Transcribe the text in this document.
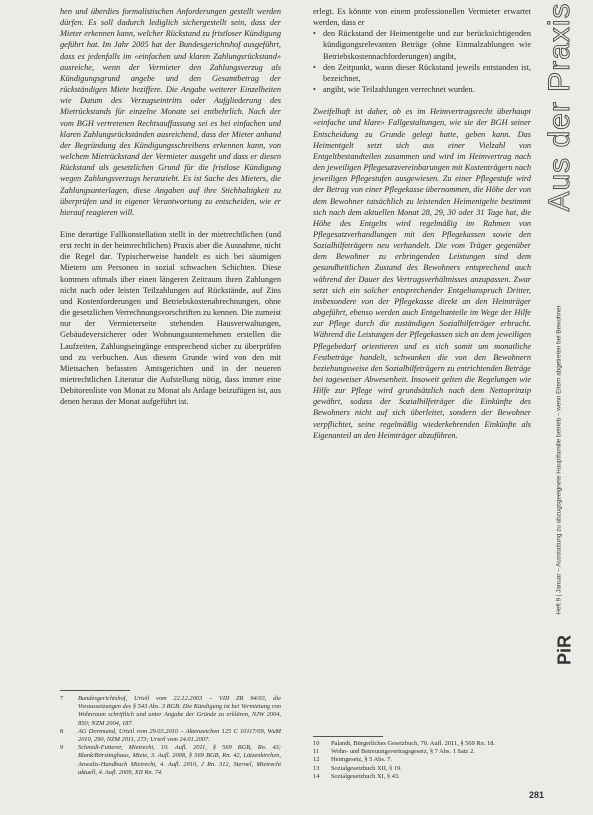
hen und überdies formalistischen Anforderungen gestellt werden dürfen. Es soll dadurch lediglich sichergestellt sein, dass der Mieter erkennen kann, welcher Rückstand zu fristloser Kündigung geführt hat. Im Jahr 2005 hat der Bundesgerichtshof ausgeführt, dass es jedenfalls im «einfachen und klaren Zahlungsrückstand» ausreiche, wenn der Vermieter den Zahlungsverzug als Kündigungsgrund angebe und den Gesamtbetrag der rückständigen Miete beziffere. Die Angabe weiterer Einzelheiten wie Datum des Verzugseintritts oder Aufgliederung des Mietrückstands für einzelne Monate sei entbehrlich. Nach der vom BGH vertretenen Rechtsauffassung sei es bei einfachen und klaren Zahlungsrückständen ausreichend, dass der Mieter anhand der Begründung des Kündigungsschreibens erkennen kann, von welchem Mietrückstand der Vermieter ausgeht und dass er diesen Rückstand als gesetzlichen Grund für die fristlose Kündigung wegen Zahlungsverzugs heranzieht. Es ist Sache des Mieters, die Zahlungsunterlagen, diese Angaben auf ihre Stichhaltigkeit zu überprüfen und in eigener Verantwortung zu entscheiden, wie er hierauf reagieren will.

Eine derartige Fallkonstellation stellt in der mietrechtlichen (und erst recht in der heimrechtlichen) Praxis aber die Ausnahme, nicht die Regel dar. Typischerweise handelt es sich bei säumigen Mietern um Personen in sozial schwachen Schichten. Diese kommen oftmals über einen längeren Zeitraum ihren Zahlungen nicht nach oder leisten Teilzahlungen auf Rückstände, auf Zins und Kostenforderungen und Betriebskostenabrechnungen, ohne die gesetzlichen Verrechnungsvorschriften zu kennen. Die zumeist nur der Vermieterseite stehenden Hausverwaltungen, Gebäudeversicherer oder Wohnungsunternehmen erstellen die Laufzeiten, Zahlungseingänge entsprechend sicher zu überprüfen und zu verbuchen. Aus diesem Grunde wird von den mit Mietsachen befassten Amtsgerichten und in der neueren mietrechtlichen Literatur die Aufstellung nötig, dass immer eine Debitorenliste von Monat zu Monat als Anlage beizufügen ist, aus denen heraus der Monat aufgeführt ist.

erlegt. Es könnte von einem professionellen Vermieter erwartet werden, dass er

• den Rückstand der Heimentgelte und zur berücksichtigenden kündigungsrelevanten Beträge (ohne Einmalzahlungen wie Betriebskostennachforderungen) angibt,
• den Zeitpunkt, wann dieser Rückstand jeweils entstanden ist, bezeichnet,
• angibt, wie Teilzahlungen verrechnet wurden.

Zweifelhaft ist daher, ob es im Heimvertragsrecht überhaupt «einfache und klare» Fallgestaltungen, wie sie der BGH seiner Entscheidung zu Grunde gelegt hatte, geben kann. Das Heimentgelt setzt sich aus einer Vielzahl von Entgeltbestandteilen zusammen und wird im Heimvertrag nach den jeweiligen Pflegesatzvereinbarungen mit Kostenträgern nach jeweiligen Pflegestufen ausgewiesen. Zu einer Pflegestufe wird der Betrag von einer Pflegekasse übernommen, die Höhe der von dem Bewohner tatsächlich zu leistenden Heimentgelte bestimmt sich nach dem aktuellen Monat 28, 29, 30 oder 31 Tage hat, die Höhe des Entgelts wird regelmäßig im Rahmen von Pflegesatzverhandlungen mit den Pflegekassen sowie den Sozialhilfeträgern neu verhandelt. Die vom Träger gegenüber dem Bewohner zu erbringenden Leistungen sind dem gesundheitlichen Zustand des Bewohners entsprechend auch während der Dauer des Vertragsverhältnisses anzupassen. Zwar setzt sich ein solcher entsprechender Entgeltanspruch Dritter, insbesondere von der Pflegekasse direkt an den Heimträger abgeführt, ebenso werden auch Entgeltanteile im Wege der Hilfe zur Pflege durch die zuständigen Sozialhilfeträger erbracht. Während die Leistungen der Pflegekassen sich an dem jeweiligen Pflegebedarf orientieren und es sich somit um monatliche Festbeträge handelt, schwanken die von den Bewohnern beziehungsweise den Sozialhilfeträgern zu entrichtenden Beträge bei tageweiser Abwesenheit. Insoweit gelten die Regelungen wie Hilfe zur Pflege wird grundsätzlich nach dem Nettoprinzip gewährt, sodass der Sozialhilfeträger die Einkünfte des Bewohners nicht auf sich überleitet, sondern der Bewohner verpflichtet, seine regelmäßig wiederkehrenden Einkünfte als Eigenanteil an den Heimträger abzuführen.

7	Bundesgerichtshof, Urteil vom 22.12.2003 – VIII ZR 94/03, die Voraussetzungen des § 543 Abs. 3 BGB: Die Kündigung ist bei Vermietung von Wohnraum schriftlich und unter Angabe der Gründe zu erklären, NJW 2004, 850; NZM 2004, 187.
8	AG Dortmund, Urteil vom 29.03.2010 – Aktenzeichen 125 C 10117/09, WuM 2010, 290, NZM 2011, 273; Urteil vom 24.01.2007.
9	Schmidt-Futterer, Mietrecht, 10. Aufl. 2011, § 569 BGB, Rn. 43; Blank/Börstinghaus, Miete, 3. Aufl. 2008, § 569 BGB, Rn. 42, Lützenkirchen, Anwalts-Handbuch Mietrecht, 4. Aufl. 2010, J Rn. 312, Sternel, Mietrecht aktuell, 4. Aufl. 2009, XII Rn. 74.
10	Palandt, Bürgerliches Gesetzbuch, 70. Aufl. 2011, § 569 Rn. 18.
11	Wohn- und Betreuungsvertragsgesetz, § 7 Abs. 1 Satz 2.
12	Heimgesetz, § 5 Abs. 7.
13	Sozialgesetzbuch XII, § 19.
14	Sozialgesetzbuch XI, § 43.
Aus der Praxis
Heft 9 | Januar – Ausstattung zu abzugsgeeignete Hauptfamilie betrieb – wenn Eltern abgetreten bei Bewohner
PiR
281
